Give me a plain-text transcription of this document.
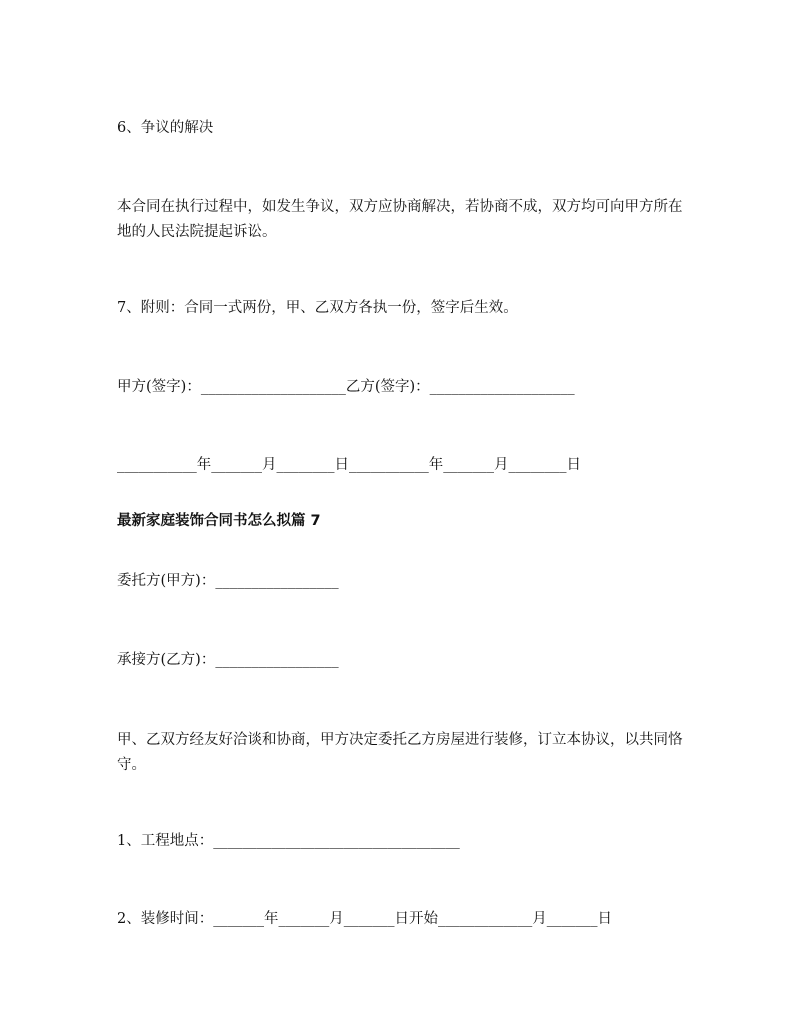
6、争议的解决

本合同在执行过程中，如发生争议，双方应协商解决，若协商不成，双方均可向甲方所在地的人民法院提起诉讼。

7、附则：合同一式两份，甲、乙双方各执一份，签字后生效。

甲方(签字)：____________________乙方(签字)：____________________

___________年_______月________日___________年_______月________日

最新家庭装饰合同书怎么拟篇 7

委托方(甲方)：_________________

承接方(乙方)：_________________

甲、乙双方经友好洽谈和协商，甲方决定委托乙方房屋进行装修，订立本协议，以共同恪守。

1、工程地点：__________________________________

2、装修时间：_______年_______月_______日开始_____________月_______日
